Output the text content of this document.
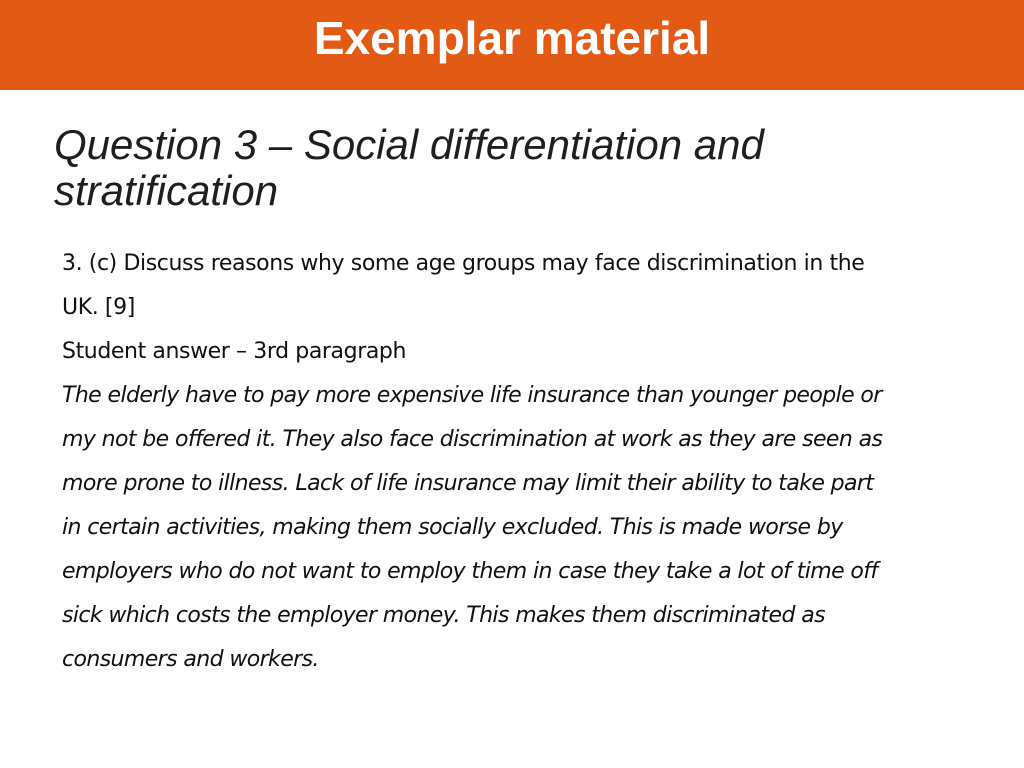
Exemplar material
Question 3 – Social differentiation and
stratification

3. (c) Discuss reasons why some age groups may face discrimination in the

UK. [9]

Student answer – 3rd paragraph

The elderly have to pay more expensive life insurance than younger people or

my not be offered it. They also face discrimination at work as they are seen as

more prone to illness. Lack of life insurance may limit their ability to take part

in certain activities, making them socially excluded. This is made worse by

employers who do not want to employ them in case they take a lot of time off

sick which costs the employer money. This makes them discriminated as

consumers and workers.
